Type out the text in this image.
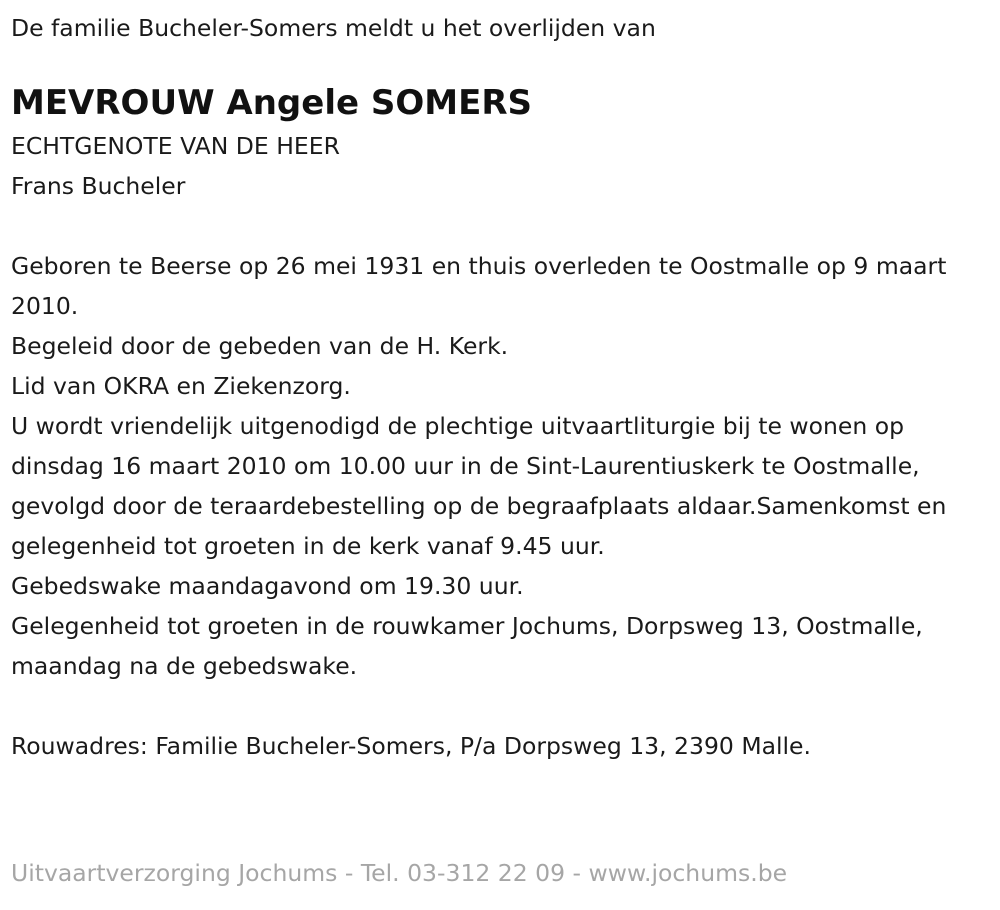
De familie Bucheler-Somers meldt u het overlijden van

MEVROUW Angele SOMERS

ECHTGENOTE VAN DE HEER

Frans Bucheler

Geboren te Beerse op 26 mei 1931 en thuis overleden te Oostmalle op 9 maart 2010.

Begeleid door de gebeden van de H. Kerk.

Lid van OKRA en Ziekenzorg.

U wordt vriendelijk uitgenodigd de plechtige uitvaartliturgie bij te wonen op dinsdag 16 maart 2010 om 10.00 uur in de Sint-Laurentiuskerk te Oostmalle, gevolgd door de teraardebestelling op de begraafplaats aldaar.Samenkomst en gelegenheid tot groeten in de kerk vanaf 9.45 uur.

Gebedswake maandagavond om 19.30 uur.

Gelegenheid tot groeten in de rouwkamer Jochums, Dorpsweg 13, Oostmalle, maandag na de gebedswake.

Rouwadres: Familie Bucheler-Somers, P/a Dorpsweg 13, 2390 Malle.

Uitvaartverzorging Jochums - Tel. 03-312 22 09 - www.jochums.be
